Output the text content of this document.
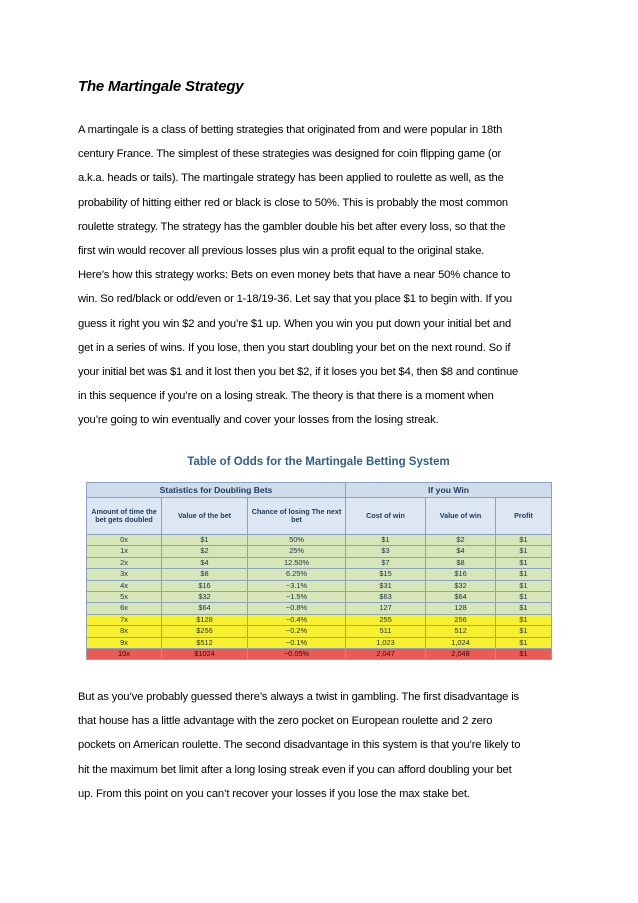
The Martingale Strategy
A martingale is a class of betting strategies that originated from and were popular in 18th
century France. The simplest of these strategies was designed for coin flipping game (or
a.k.a. heads or tails). The martingale strategy has been applied to roulette as well, as the
probability of hitting either red or black is close to 50%. This is probably the most common
roulette strategy. The strategy has the gambler double his bet after every loss, so that the
first win would recover all previous losses plus win a profit equal to the original stake.
Here’s how this strategy works: Bets on even money bets that have a near 50% chance to
win. So red/black or odd/even or 1-18/19-36. Let say that you place $1 to begin with. If you
guess it right you win $2 and you’re $1 up. When you win you put down your initial bet and
get in a series of wins. If you lose, then you start doubling your bet on the next round. So if
your initial bet was $1 and it lost then you bet $2, if it loses you bet $4, then $8 and continue
in this sequence if you’re on a losing streak. The theory is that there is a moment when
you’re going to win eventually and cover your losses from the losing streak.
Table of Odds for the Martingale Betting System
Statistics for Doubling Bets			If you Win		
Amount of time the bet gets doubled	Value of the bet	Chance of losing The next bet	Cost of win	Value of win	Profit
0x	$1	50%	$1	$2	$1
1x	$2	25%	$3	$4	$1
2x	$4	12.50%	$7	$8	$1
3x	$8	6.25%	$15	$16	$1
4x	$16	~3.1%	$31	$32	$1
5x	$32	~1.5%	$63	$64	$1
6x	$64	~0.8%	127	128	$1
7x	$128	~0.4%	255	256	$1
8x	$256	~0.2%	511	512	$1
9x	$512	~0.1%	1,023	1,024	$1
10x	$1024	~0.05%	2,047	2,048	$1
But as you’ve probably guessed there’s always a twist in gambling. The first disadvantage is
that house has a little advantage with the zero pocket on European roulette and 2 zero
pockets on American roulette. The second disadvantage in this system is that you’re likely to
hit the maximum bet limit after a long losing streak even if you can afford doubling your bet
up. From this point on you can’t recover your losses if you lose the max stake bet.
